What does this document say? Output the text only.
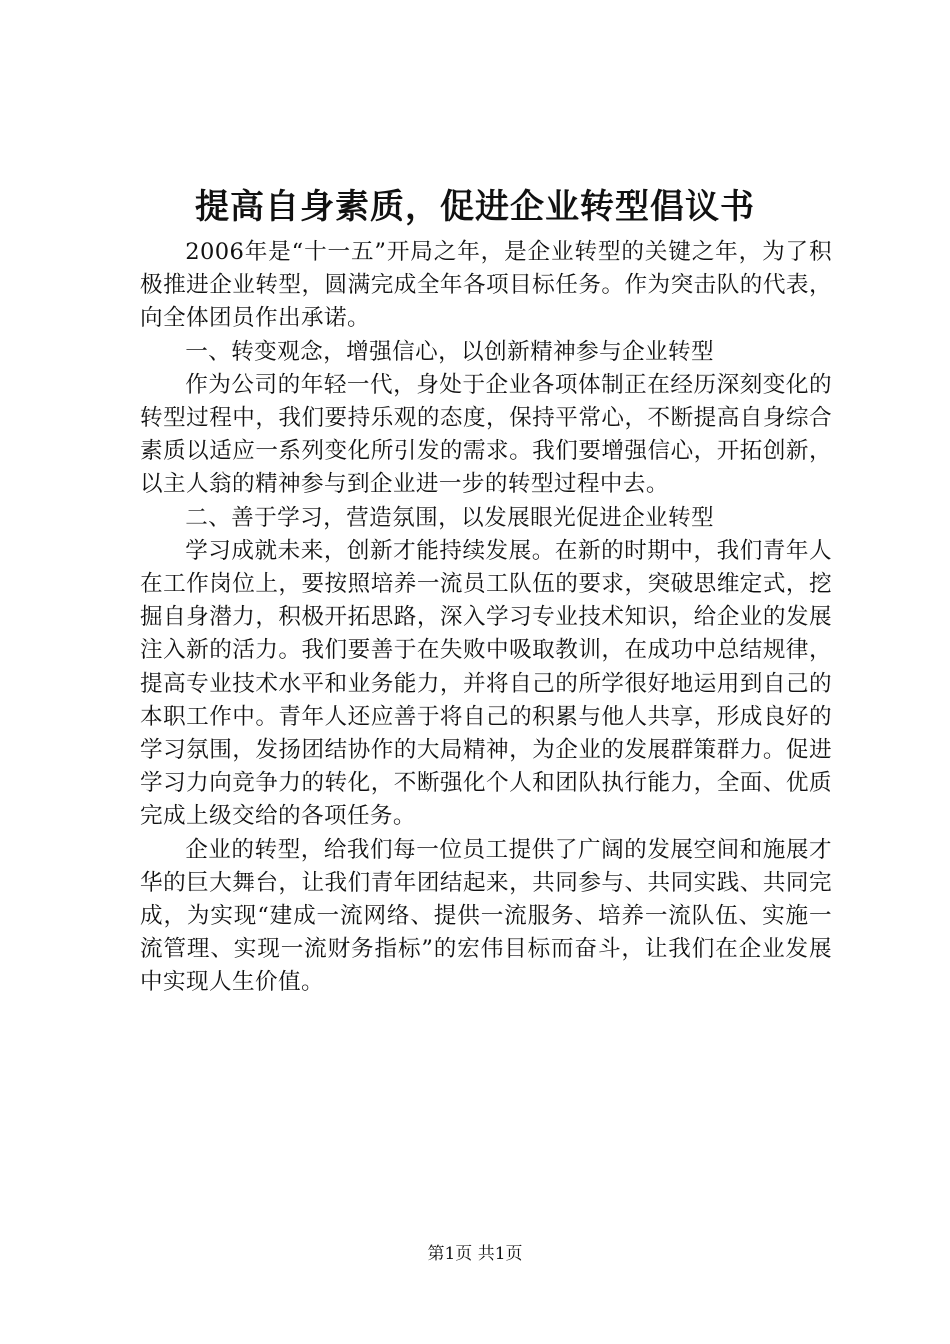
提高自身素质，促进企业转型倡议书

2006年是“十一五”开局之年，是企业转型的关键之年，为了积极推进企业转型，圆满完成全年各项目标任务。作为突击队的代表，向全体团员作出承诺。

一、转变观念，增强信心，以创新精神参与企业转型

作为公司的年轻一代，身处于企业各项体制正在经历深刻变化的转型过程中，我们要持乐观的态度，保持平常心，不断提高自身综合素质以适应一系列变化所引发的需求。我们要增强信心，开拓创新，以主人翁的精神参与到企业进一步的转型过程中去。

二、善于学习，营造氛围，以发展眼光促进企业转型

学习成就未来，创新才能持续发展。在新的时期中，我们青年人在工作岗位上，要按照培养一流员工队伍的要求，突破思维定式，挖掘自身潜力，积极开拓思路，深入学习专业技术知识，给企业的发展注入新的活力。我们要善于在失败中吸取教训，在成功中总结规律，提高专业技术水平和业务能力，并将自己的所学很好地运用到自己的本职工作中。青年人还应善于将自己的积累与他人共享，形成良好的学习氛围，发扬团结协作的大局精神，为企业的发展群策群力。促进学习力向竞争力的转化，不断强化个人和团队执行能力，全面、优质完成上级交给的各项任务。

企业的转型，给我们每一位员工提供了广阔的发展空间和施展才华的巨大舞台，让我们青年团结起来，共同参与、共同实践、共同完成，为实现“建成一流网络、提供一流服务、培养一流队伍、实施一流管理、实现一流财务指标”的宏伟目标而奋斗，让我们在企业发展中实现人生价值。

第1页 共1页
